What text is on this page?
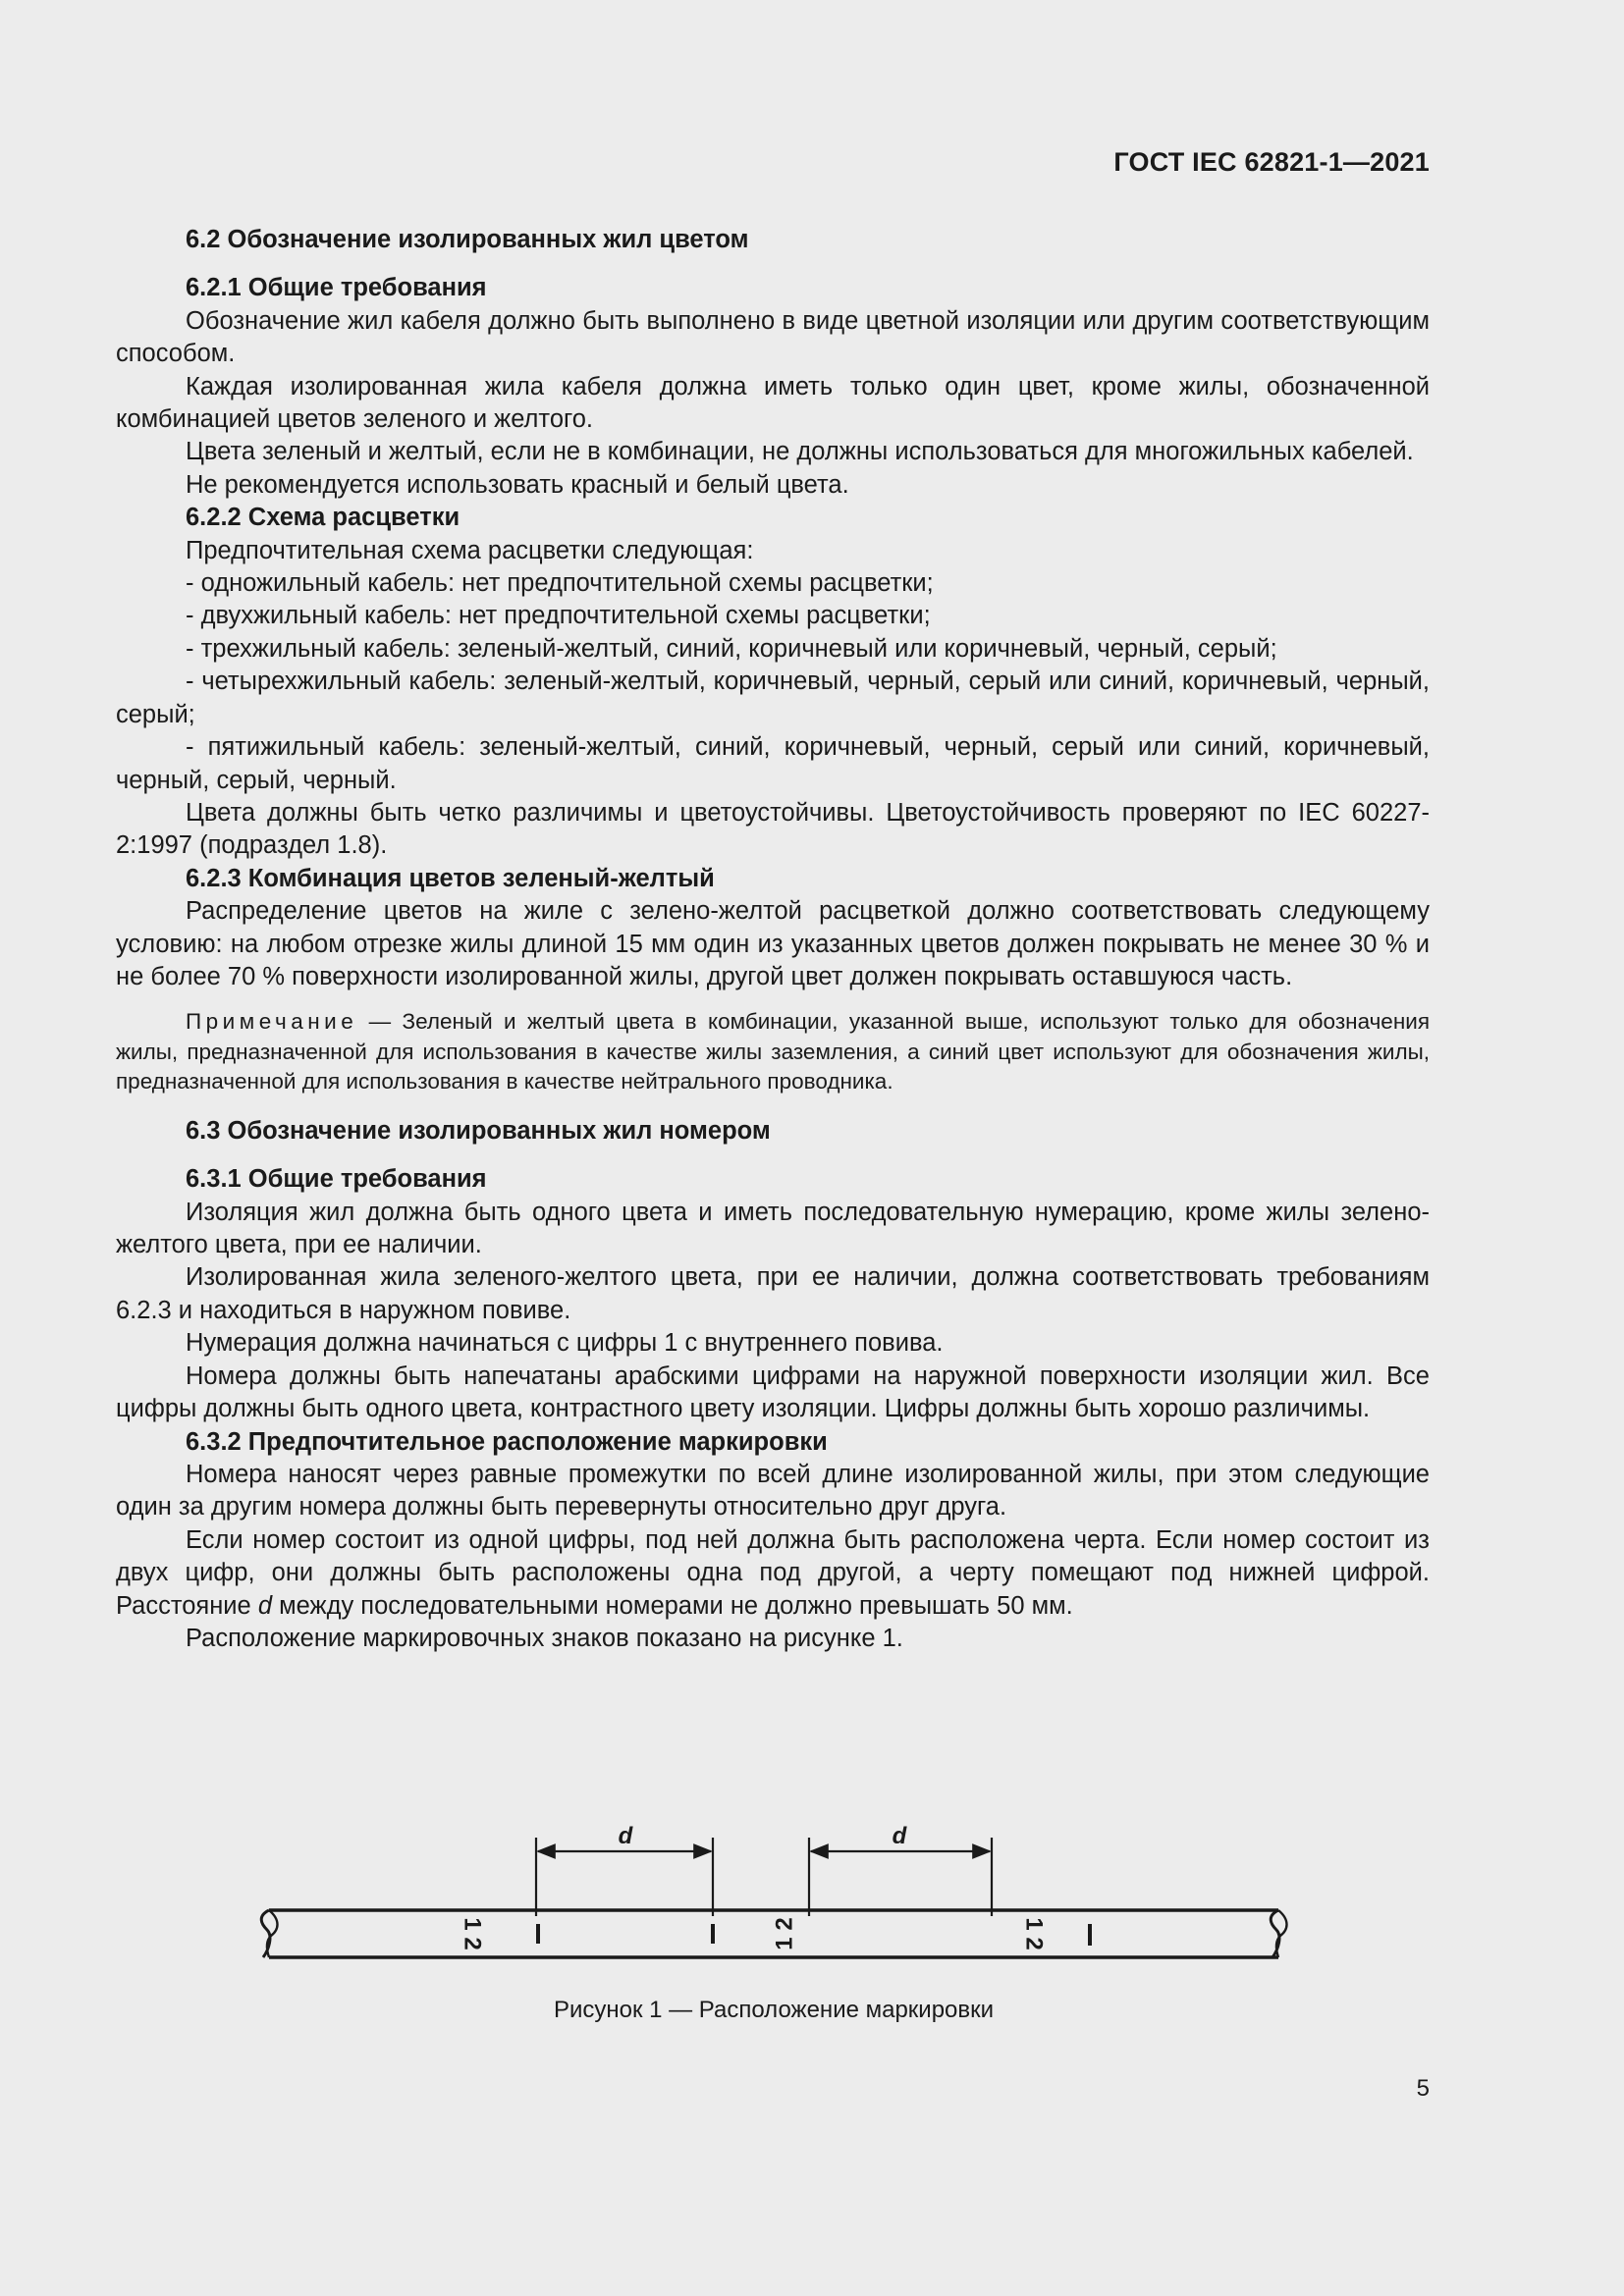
ГОСТ IEC 62821-1—2021

6.2 Обозначение изолированных жил цветом

6.2.1 Общие требования

Обозначение жил кабеля должно быть выполнено в виде цветной изоляции или другим соответствующим способом.

Каждая изолированная жила кабеля должна иметь только один цвет, кроме жилы, обозначенной комбинацией цветов зеленого и желтого.

Цвета зеленый и желтый, если не в комбинации, не должны использоваться для многожильных кабелей.

Не рекомендуется использовать красный и белый цвета.

6.2.2 Схема расцветки

Предпочтительная схема расцветки следующая:

- одножильный кабель: нет предпочтительной схемы расцветки;

- двухжильный кабель: нет предпочтительной схемы расцветки;

- трехжильный кабель: зеленый-желтый, синий, коричневый или коричневый, черный, серый;

- четырехжильный кабель: зеленый-желтый, коричневый, черный, серый или синий, коричневый, черный, серый;

- пятижильный кабель: зеленый-желтый, синий, коричневый, черный, серый или синий, коричневый, черный, серый, черный.

Цвета должны быть четко различимы и цветоустойчивы. Цветоустойчивость проверяют по IEC 60227-2:1997 (подраздел 1.8).

6.2.3 Комбинация цветов зеленый-желтый

Распределение цветов на жиле с зелено-желтой расцветкой должно соответствовать следующему условию: на любом отрезке жилы длиной 15 мм один из указанных цветов должен покрывать не менее 30 % и не более 70 % поверхности изолированной жилы, другой цвет должен покрывать оставшуюся часть.

Примечание — Зеленый и желтый цвета в комбинации, указанной выше, используют только для обозначения жилы, предназначенной для использования в качестве жилы заземления, а синий цвет используют для обозначения жилы, предназначенной для использования в качестве нейтрального проводника.

6.3 Обозначение изолированных жил номером

6.3.1 Общие требования

Изоляция жил должна быть одного цвета и иметь последовательную нумерацию, кроме жилы зелено-желтого цвета, при ее наличии.

Изолированная жила зеленого-желтого цвета, при ее наличии, должна соответствовать требованиям 6.2.3 и находиться в наружном повиве.

Нумерация должна начинаться с цифры 1 с внутреннего повива.

Номера должны быть напечатаны арабскими цифрами на наружной поверхности изоляции жил. Все цифры должны быть одного цвета, контрастного цвету изоляции. Цифры должны быть хорошо различимы.

6.3.2 Предпочтительное расположение маркировки

Номера наносят через равные промежутки по всей длине изолированной жилы, при этом следующие один за другим номера должны быть перевернуты относительно друг друга.

Если номер состоит из одной цифры, под ней должна быть расположена черта. Если номер состоит из двух цифр, они должны быть расположены одна под другой, а черту помещают под нижней цифрой. Расстояние d между последовательными номерами не должно превышать 50 мм.

Расположение маркировочных знаков показано на рисунке 1.

d	d
1 2	1 2	1 2
Рисунок 1 — Расположение маркировки
5
